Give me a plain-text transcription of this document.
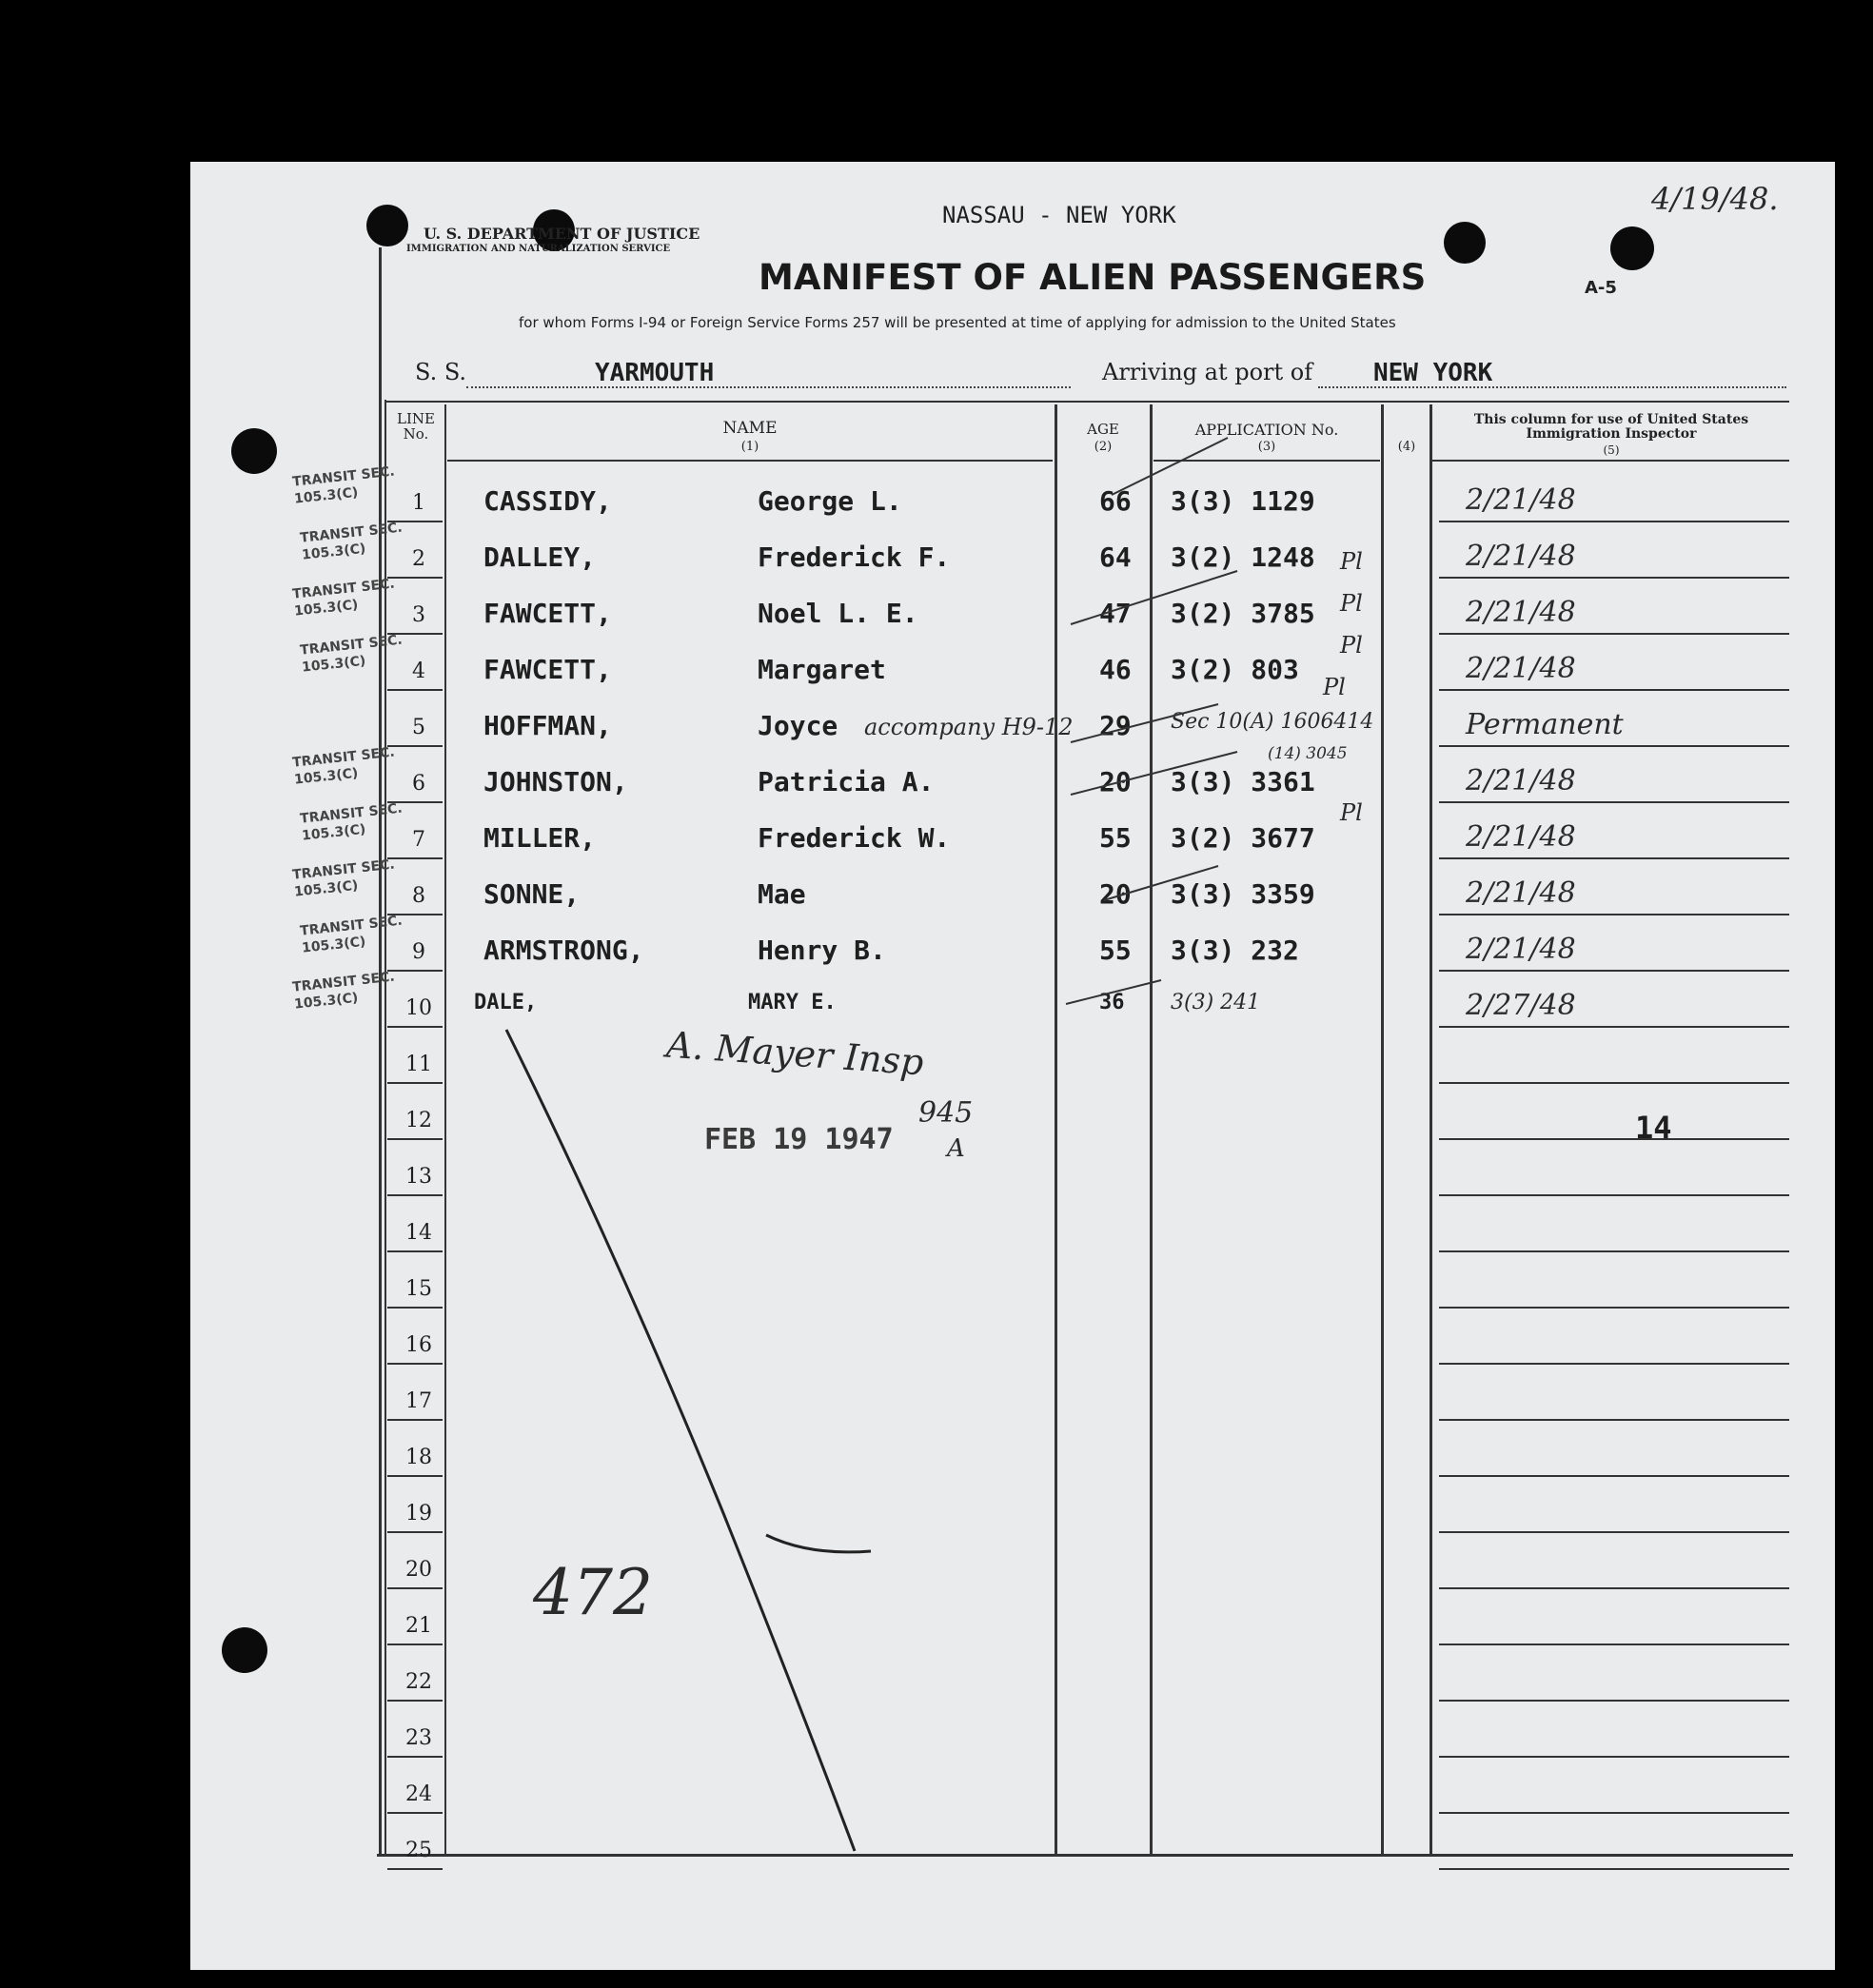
NASSAU - NEW YORK	4/19/48.
U. S. DEPARTMENT OF JUSTICE
IMMIGRATION AND NATURALIZATION SERVICE
MANIFEST OF ALIEN PASSENGERS	A-5
for whom Forms I-94 or Foreign Service Forms 257 will be presented at time of applying for admission to the United States
S. S.	YARMOUTH	Arriving at port of NEW YORK
LINE No.	NAME
(1)
AGE
(2)
APPLICATION No.
(3)	(4)
This column for use of United States Immigration Inspector
(5)
1	CASSIDY,	George L.	66 3(3) 1129	2/21/48
2	DALLEY,	Frederick F.	64 3(2) 1248	2/21/48
3	FAWCETT,	Noel L. E.	47 3(2) 3785	2/21/48
4	FAWCETT,	Margaret	46 3(2) 803	2/21/48
5	HOFFMAN,	Joyce	29 Sec 10(A) 1606414	Permanent
6	JOHNSTON,	Patricia A.	20 3(3) 3361	2/21/48
7	MILLER,	Frederick W.	55 3(2) 3677	2/21/48
8	SONNE,	Mae	20 3(3) 3359	2/21/48
9	ARMSTRONG,	Henry B.	55 3(3) 232	2/21/48
10 DALE,	MARY E.	36 3(3) 241	2/27/48
11
12
13
14
15
16
17
18
19
20
21
22
23
24
25
accompany H9-12
(14) 3045
Pl
Pl
Pl
Pl
Pl
A. Mayer Insp
FEB 19 1947
945
A
14
472
TRANSIT SEC. 105.3(C)
TRANSIT SEC. 105.3(C)
TRANSIT SEC. 105.3(C)
TRANSIT SEC. 105.3(C)
TRANSIT SEC. 105.3(C)
TRANSIT SEC. 105.3(C)
TRANSIT SEC. 105.3(C)
TRANSIT SEC. 105.3(C)
TRANSIT SEC. 105.3(C)
